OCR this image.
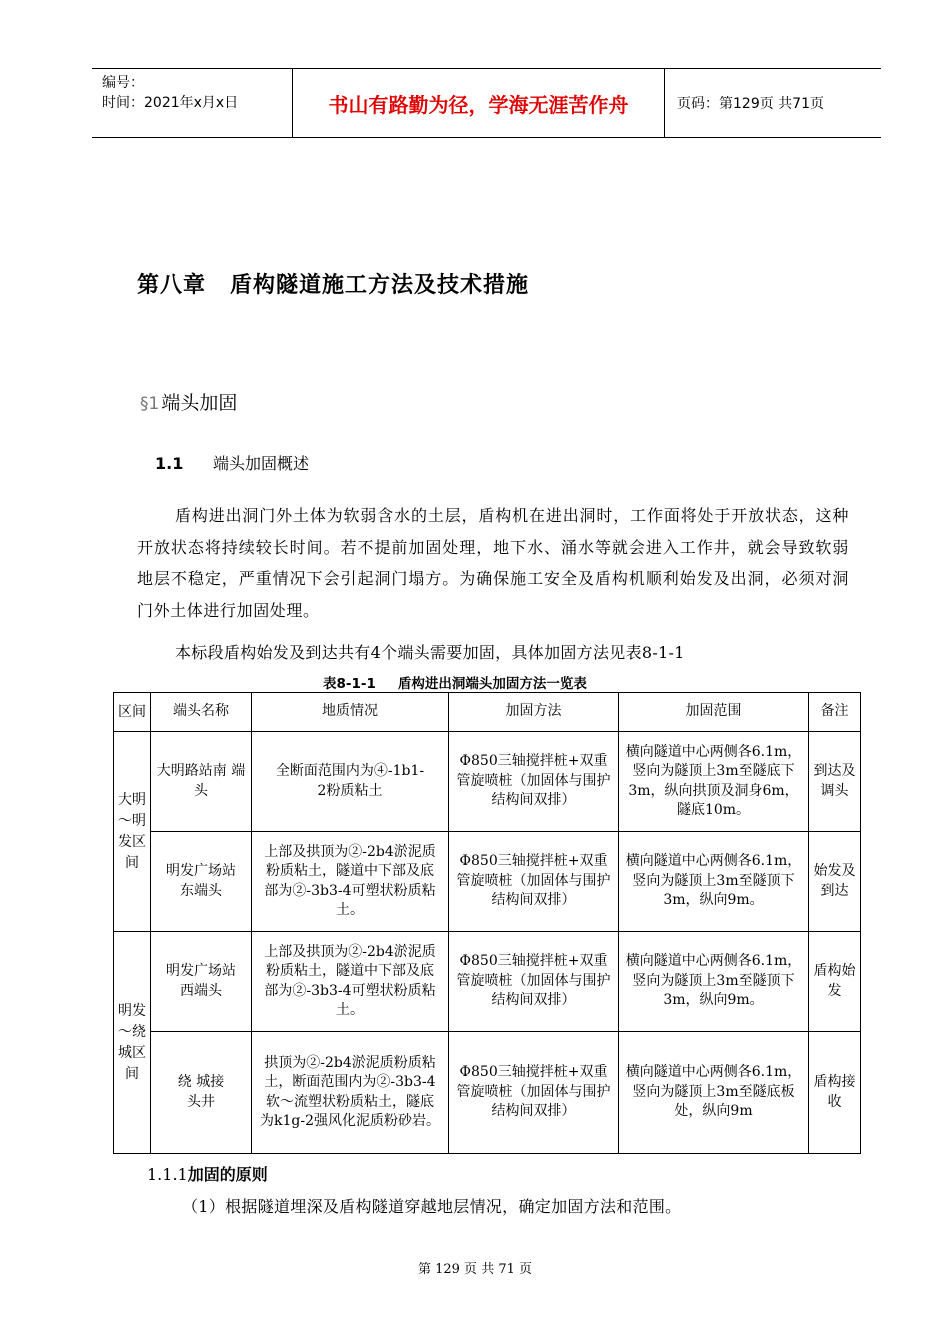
编号：
时间：2021年x月x日	书山有路勤为径，学海无涯苦作舟	页码：第129页 共71页
第八章 盾构隧道施工方法及技术措施
§1 端头加固
1.1 端头加固概述
盾构进出洞门外土体为软弱含水的土层，盾构机在进出洞时，工作面将处于开放状态，这种开放状态将持续较长时间。若不提前加固处理，地下水、涌水等就会进入工作井，就会导致软弱地层不稳定，严重情况下会引起洞门塌方。为确保施工安全及盾构机顺利始发及出洞，必须对洞门外土体进行加固处理。
本标段盾构始发及到达共有4个端头需要加固，具体加固方法见表8-1-1
表8-1-1 盾构进出洞端头加固方法一览表
区间	端头名称	地质情况	加固方法	加固范围	备注
大明～明发区间	大明路站南 端 头	全断面范围内为④-1b1-2粉质粘土	Φ850三轴搅拌桩+双重管旋喷桩（加固体与围护结构间双排）	横向隧道中心两侧各6.1m，竖向为隧顶上3m至隧底下3m，纵向拱顶及洞身6m，隧底10m。	到达及调头
	明发广场站东端头	上部及拱顶为②-2b4淤泥质粉质粘土，隧道中下部及底部为②-3b3-4可塑状粉质粘土。	Φ850三轴搅拌桩+双重管旋喷桩（加固体与围护结构间双排）	横向隧道中心两侧各6.1m，竖向为隧顶上3m至隧顶下3m，纵向9m。	始发及到达
明发～绕城区间	明发广场站西端头	上部及拱顶为②-2b4淤泥质粉质粘土，隧道中下部及底部为②-3b3-4可塑状粉质粘土。	Φ850三轴搅拌桩+双重管旋喷桩（加固体与围护结构间双排）	横向隧道中心两侧各6.1m，竖向为隧顶上3m至隧顶下3m，纵向9m。	盾构始发
	绕 城接头井	拱顶为②-2b4淤泥质粉质粘土，断面范围内为②-3b3-4软～流塑状粉质粘土，隧底为k1g-2强风化泥质粉砂岩。	Φ850三轴搅拌桩+双重管旋喷桩（加固体与围护结构间双排）	横向隧道中心两侧各6.1m，竖向为隧顶上3m至隧底板处，纵向9m	盾构接收
1.1.1加固的原则
（1）根据隧道埋深及盾构隧道穿越地层情况，确定加固方法和范围。
第 129 页 共 71 页
